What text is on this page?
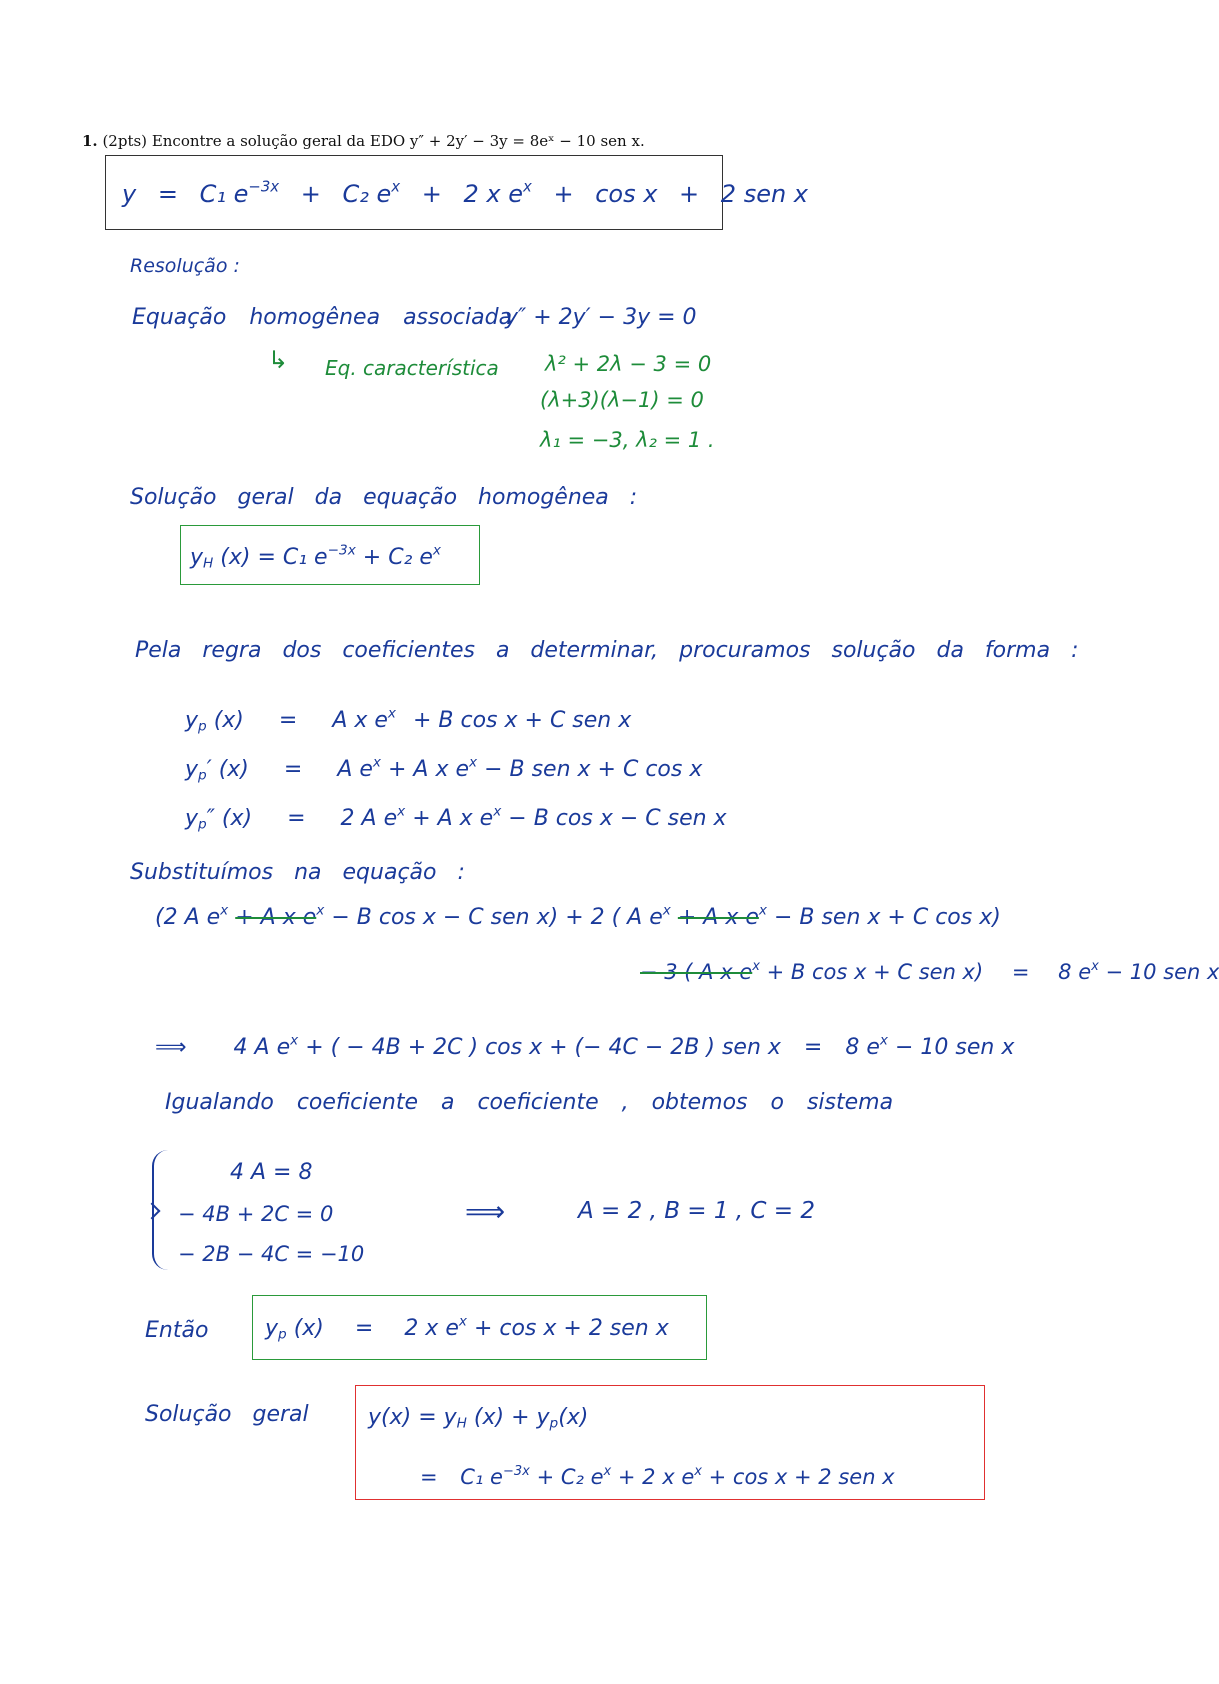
1. (2pts) Encontre a solução geral da EDO y″ + 2y′ − 3y = 8eˣ − 10 sen x.
y = C₁ $e^{-3x} + C_2$ $e^x + 2$ x $e^x + \cos x + 2$ sen x
Resolução :
Equação homogênea associada
y″ + 2y′ − 3y = 0
↳ Eq. característica λ² + 2λ − 3 = 0
(λ+3)(λ−1) = 0
λ₁ = −3, λ₂ = 1 .
Solução geral da equação homogênea :
$y_H$ (x) = C₁ $e^{-3x} + C_2$ $e^x$
Pela regra dos coeficientes a determinar, procuramos solução da forma :
$y_p$ (x) = A x $e^x + B$ cos x + C sen x
$y_p'$ (x) = A $e^x + A$ x $e^x - B$ sen x + C cos x
$y_p''$ (x) = 2 A $e^x + A$ x $e^x - B$ cos x − C sen x
Substituímos na equação :
(2 A $e^x + A$ x $e^x - B$ cos x − C sen x) + 2 ( A $e^x + A$ x $e^x - B$ sen x + C cos x)
− 3 ( A x $e^x + B$ cos x + C sen x) = 8 $e^x - 10$ sen x
⟹ 4 A $e^x$ + ( − 4B + 2C ) cos x + (− 4C − 2B ) sen x = 8 $e^x - 10$ sen x
Igualando coeficiente a coeficiente , obtemos o sistema
4 A = 8
− 4B + 2C = 0
− 2B − 4C = −10
⟹	A = 2 , B = 1 , C = 2
Então	$y_p$ (x) = 2 x $e^x + \cos x + 2$ sen x
Solução geral	$y(x) = y_H$ $(x) + y_p(x)$
= C₁ $e^{-3x} + C_2$ $e^x + 2$ x $e^x + \cos x + 2$ sen x
